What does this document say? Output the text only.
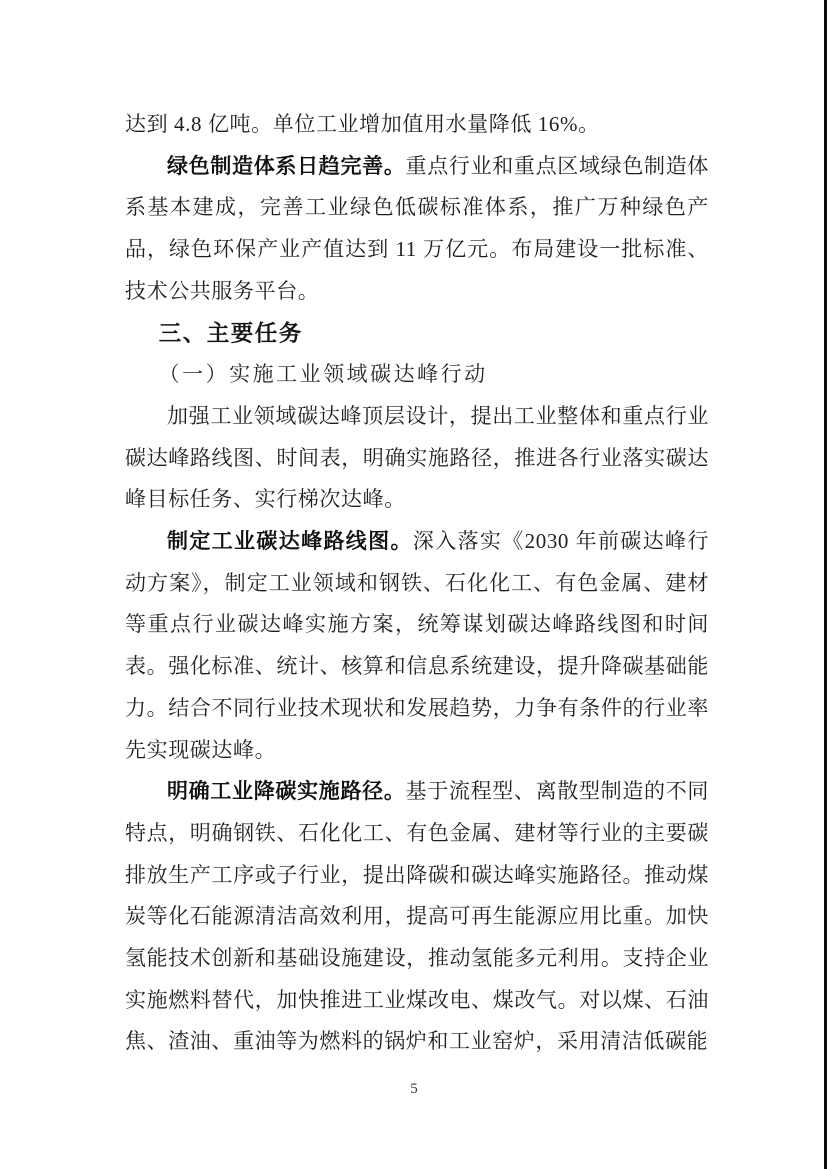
达到 4.8 亿吨。单位工业增加值用水量降低 16%。

绿色制造体系日趋完善。重点行业和重点区域绿色制造体系基本建成，完善工业绿色低碳标准体系，推广万种绿色产品，绿色环保产业产值达到 11 万亿元。布局建设一批标准、技术公共服务平台。

三、主要任务
（一）实施工业领域碳达峰行动

加强工业领域碳达峰顶层设计，提出工业整体和重点行业碳达峰路线图、时间表，明确实施路径，推进各行业落实碳达峰目标任务、实行梯次达峰。

制定工业碳达峰路线图。深入落实《2030 年前碳达峰行动方案》，制定工业领域和钢铁、石化化工、有色金属、建材等重点行业碳达峰实施方案，统筹谋划碳达峰路线图和时间表。强化标准、统计、核算和信息系统建设，提升降碳基础能力。结合不同行业技术现状和发展趋势，力争有条件的行业率先实现碳达峰。

明确工业降碳实施路径。基于流程型、离散型制造的不同特点，明确钢铁、石化化工、有色金属、建材等行业的主要碳排放生产工序或子行业，提出降碳和碳达峰实施路径。推动煤炭等化石能源清洁高效利用，提高可再生能源应用比重。加快氢能技术创新和基础设施建设，推动氢能多元利用。支持企业实施燃料替代，加快推进工业煤改电、煤改气。对以煤、石油焦、渣油、重油等为燃料的锅炉和工业窑炉，采用清洁低碳能

5
